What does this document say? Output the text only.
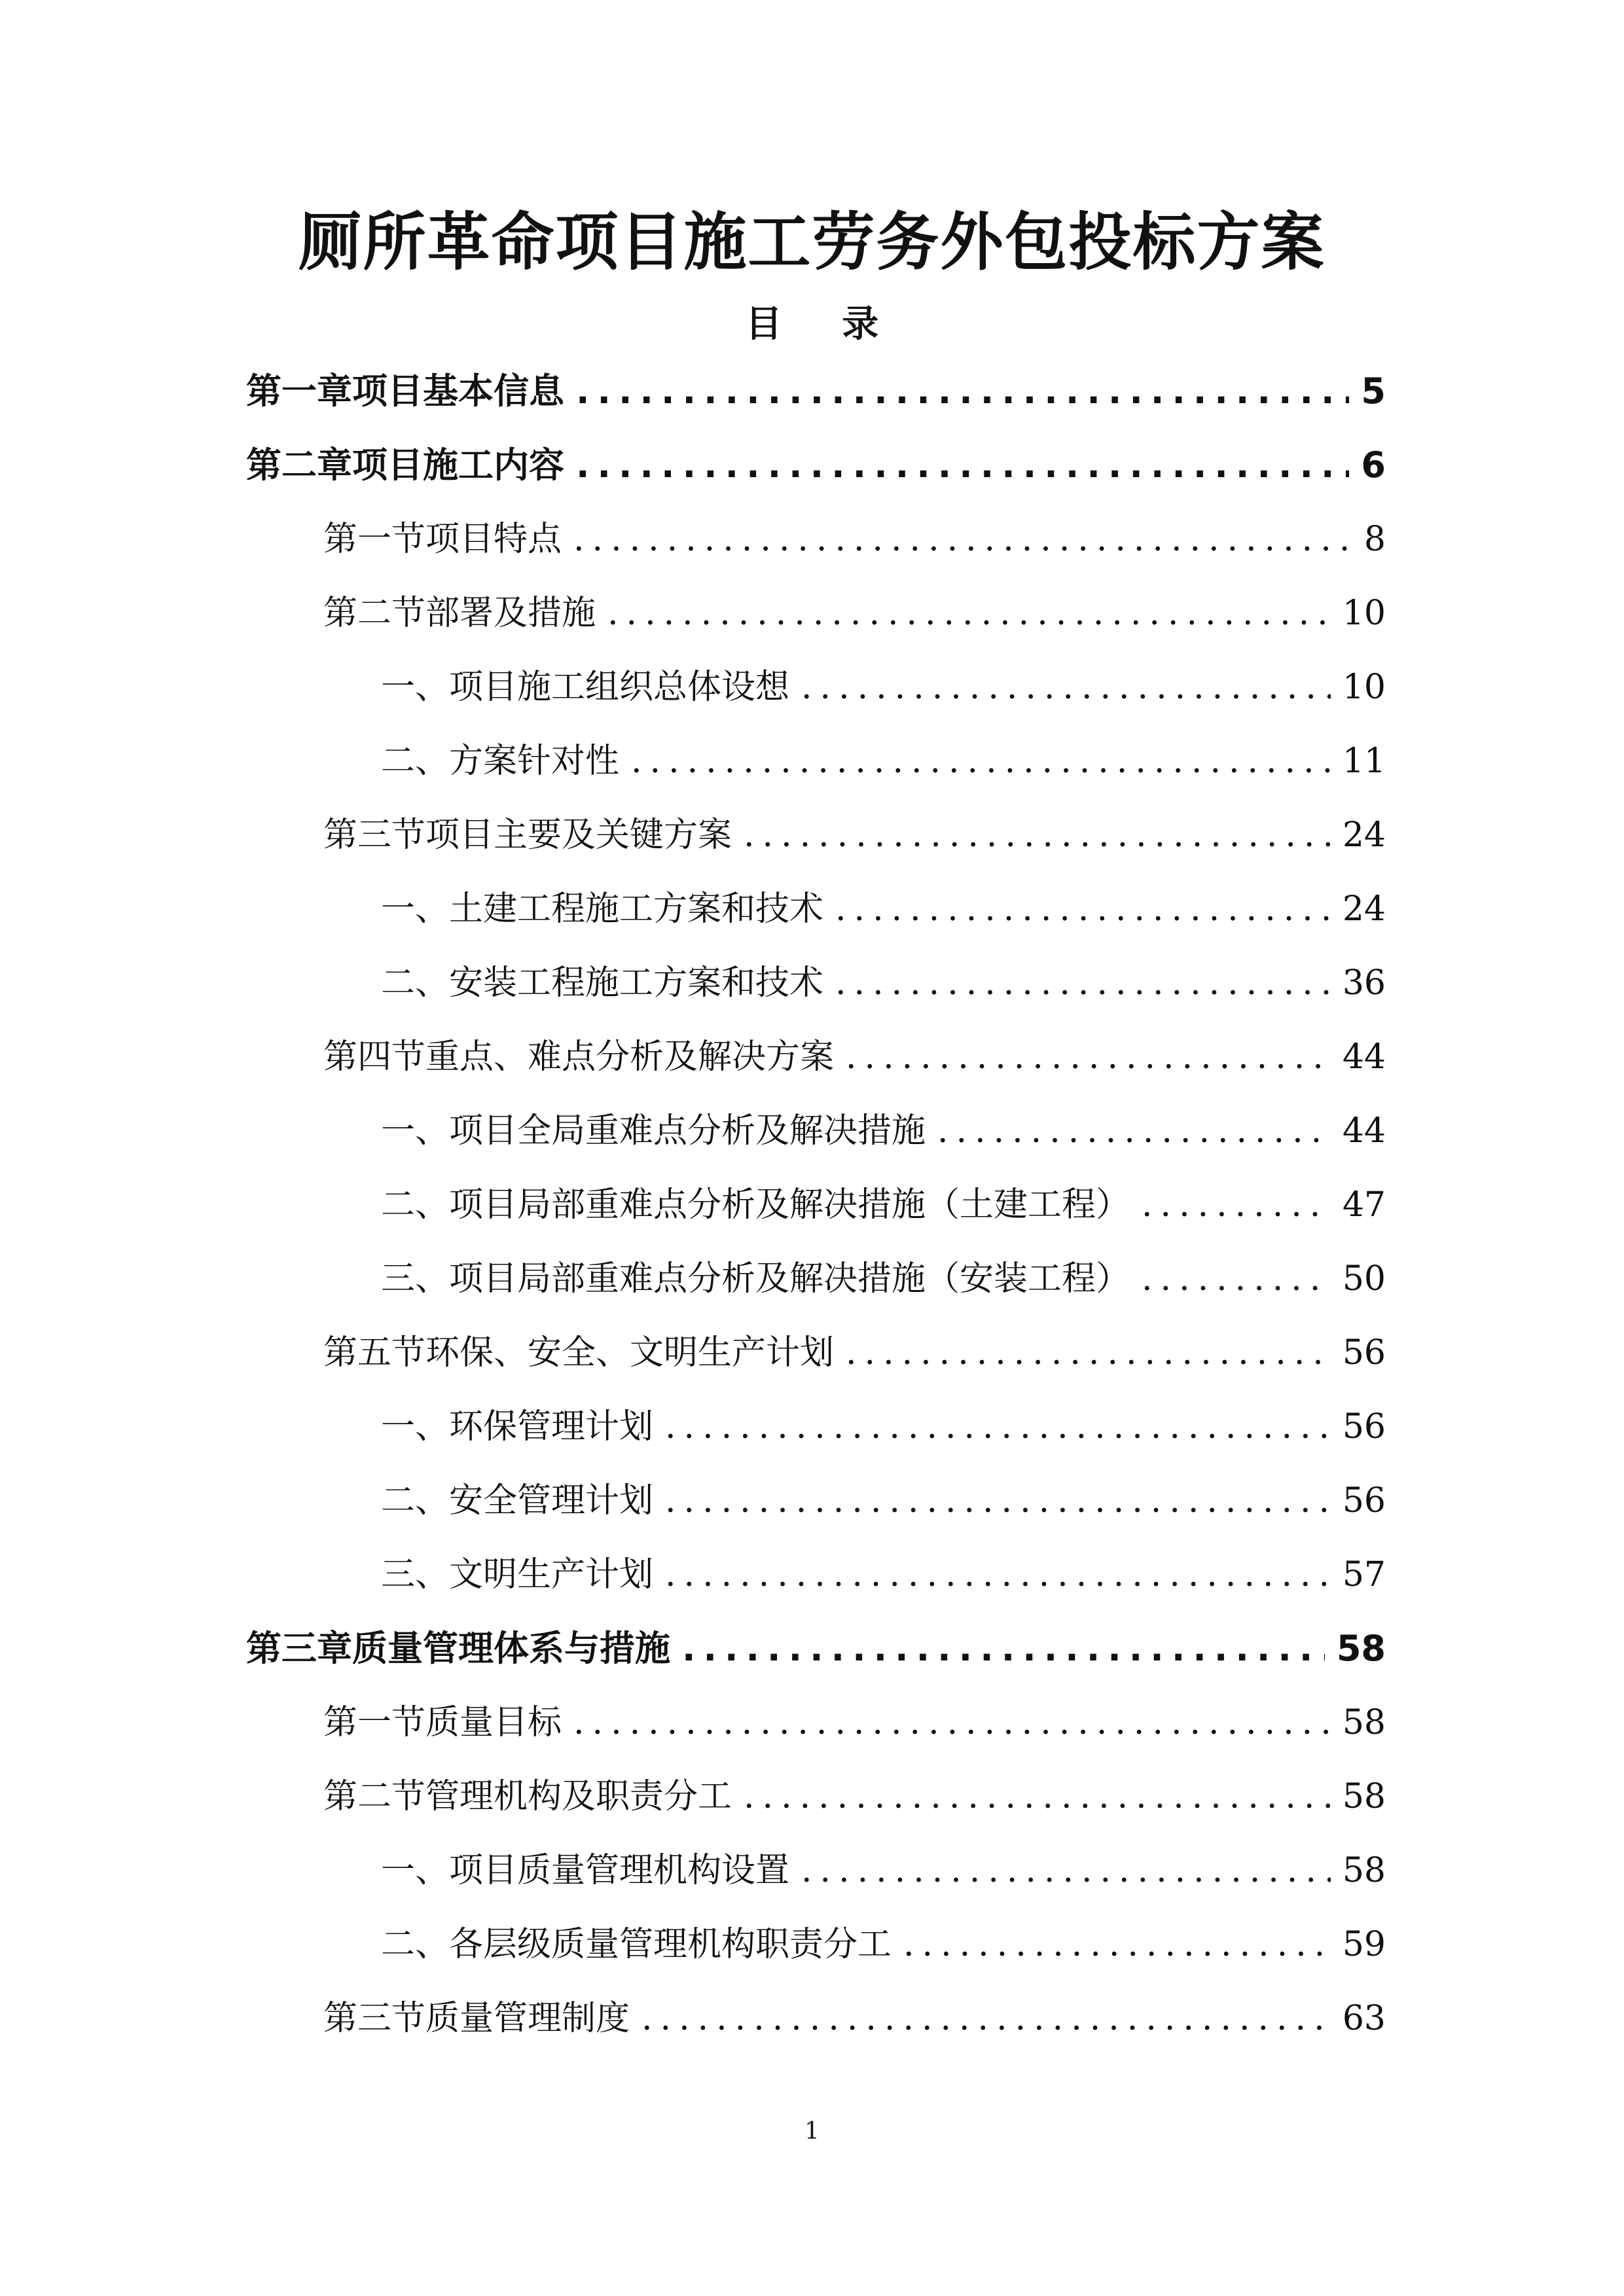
厕所革命项目施工劳务外包投标方案
目 录
第一章 项目基本信息 .....	5
第二章 项目施工内容 .....	6
第一节 项目特点 .....	8
第二节 部署及措施 .....	10
一、 项目施工组织总体设想 .....	10
二、 方案针对性 .....	11
第三节 项目主要及关键方案 .....	24
一、 土建工程施工方案和技术 .....	24
二、 安装工程施工方案和技术 .....	36
第四节 重点、难点分析及解决方案 .....	44
一、 项目全局重难点分析及解决措施 .....	44
二、 项目局部重难点分析及解决措施（土建工程） .....	47
三、 项目局部重难点分析及解决措施（安装工程） .....	50
第五节 环保、安全、文明生产计划 .....	56
一、 环保管理计划 .....	56
二、 安全管理计划 .....	56
三、 文明生产计划 .....	57
第三章 质量管理体系与措施 .....	58
第一节 质量目标 .....	58
第二节 管理机构及职责分工 .....	58
一、 项目质量管理机构设置 .....	58
二、 各层级质量管理机构职责分工 .....	59
第三节 质量管理制度 .....	63
1
